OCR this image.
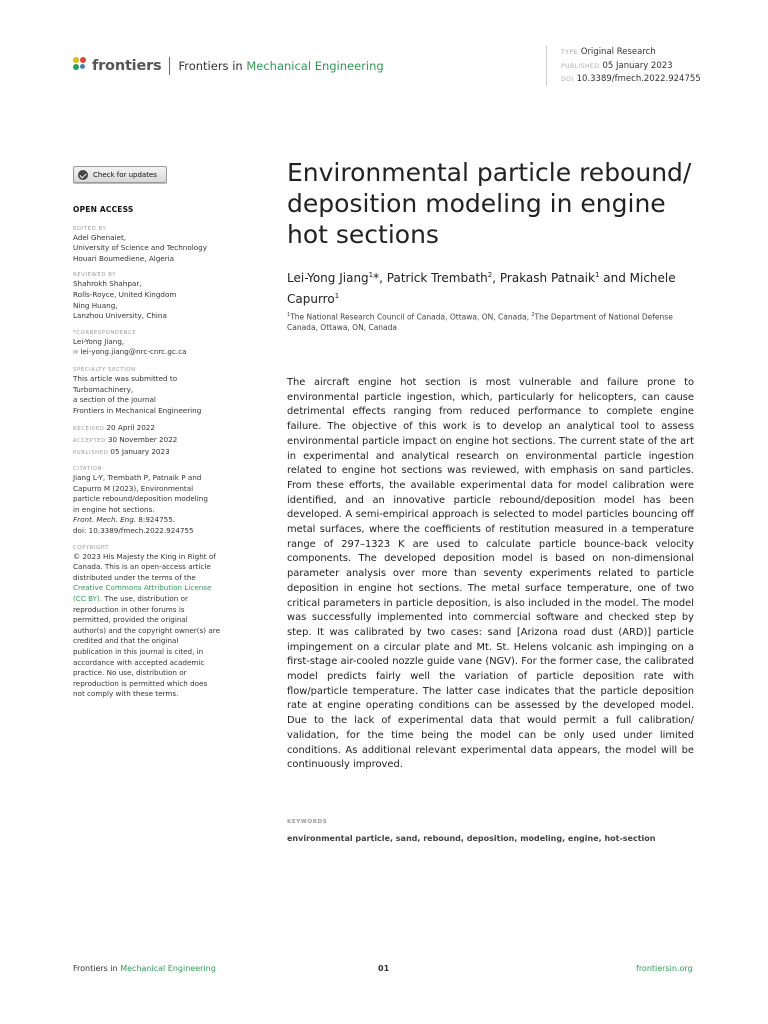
frontiers Frontiers in Mechanical Engineering
TYPE Original Research
PUBLISHED 05 January 2023
DOI 10.3389/fmech.2022.924755
Check for updates
OPEN ACCESS
EDITED BY
Adel Ghenaiet,
University of Science and Technology
Houari Boumediene, Algeria
REVIEWED BY
Shahrokh Shahpar,
Rolls-Royce, United Kingdom
Ning Huang,
Lanzhou University, China
*CORRESPONDENCE
Lei-Yong Jiang,
✉ lei-yong.jiang@nrc-cnrc.gc.ca
SPECIALTY SECTION
This article was submitted to
Turbomachinery,
a section of the journal
Frontiers in Mechanical Engineering
RECEIVED 20 April 2022
ACCEPTED 30 November 2022
PUBLISHED 05 January 2023
CITATION
Jiang L-Y, Trembath P, Patnaik P and
Capurro M (2023), Environmental
particle rebound/deposition modeling
in engine hot sections.
Front. Mech. Eng. 8:924755.
doi: 10.3389/fmech.2022.924755
COPYRIGHT
© 2023 His Majesty the King in Right of
Canada. This is an open-access article
distributed under the terms of the
Creative Commons Attribution License
(CC BY). The use, distribution or
reproduction in other forums is
permitted, provided the original
author(s) and the copyright owner(s) are
credited and that the original
publication in this journal is cited, in
accordance with accepted academic
practice. No use, distribution or
reproduction is permitted which does
not comply with these terms.
Environmental particle rebound/
deposition modeling in engine
hot sections
Lei-Yong Jiang$^1$*, Patrick Trembath$^2$, Prakash Patnaik$^1$ and Michele Capurro$^1$
$^1$The National Research Council of Canada, Ottawa, ON, Canada, $^2$The Department of National Defense Canada, Ottawa, ON, Canada
The aircraft engine hot section is most vulnerable and failure prone to environmental particle ingestion, which, particularly for helicopters, can cause detrimental effects ranging from reduced performance to complete engine failure. The objective of this work is to develop an analytical tool to assess environmental particle impact on engine hot sections. The current state of the art in experimental and analytical research on environmental particle ingestion related to engine hot sections was reviewed, with emphasis on sand particles. From these efforts, the available experimental data for model calibration were identified, and an innovative particle rebound/deposition model has been developed. A semi-empirical approach is selected to model particles bouncing off metal surfaces, where the coefficients of restitution measured in a temperature range of 297–1323 K are used to calculate particle bounce-back velocity components. The developed deposition model is based on non-dimensional parameter analysis over more than seventy experiments related to particle deposition in engine hot sections. The metal surface temperature, one of two critical parameters in particle deposition, is also included in the model. The model was successfully implemented into commercial software and checked step by step. It was calibrated by two cases: sand [Arizona road dust (ARD)] particle impingement on a circular plate and Mt. St. Helens volcanic ash impinging on a first-stage air-cooled nozzle guide vane (NGV). For the former case, the calibrated model predicts fairly well the variation of particle deposition rate with flow/particle temperature. The latter case indicates that the particle deposition rate at engine operating conditions can be assessed by the developed model. Due to the lack of experimental data that would permit a full calibration/ validation, for the time being the model can be only used under limited conditions. As additional relevant experimental data appears, the model will be continuously improved.
KEYWORDS
environmental particle, sand, rebound, deposition, modeling, engine, hot-section
Frontiers in Mechanical Engineering	01	frontiersin.org
